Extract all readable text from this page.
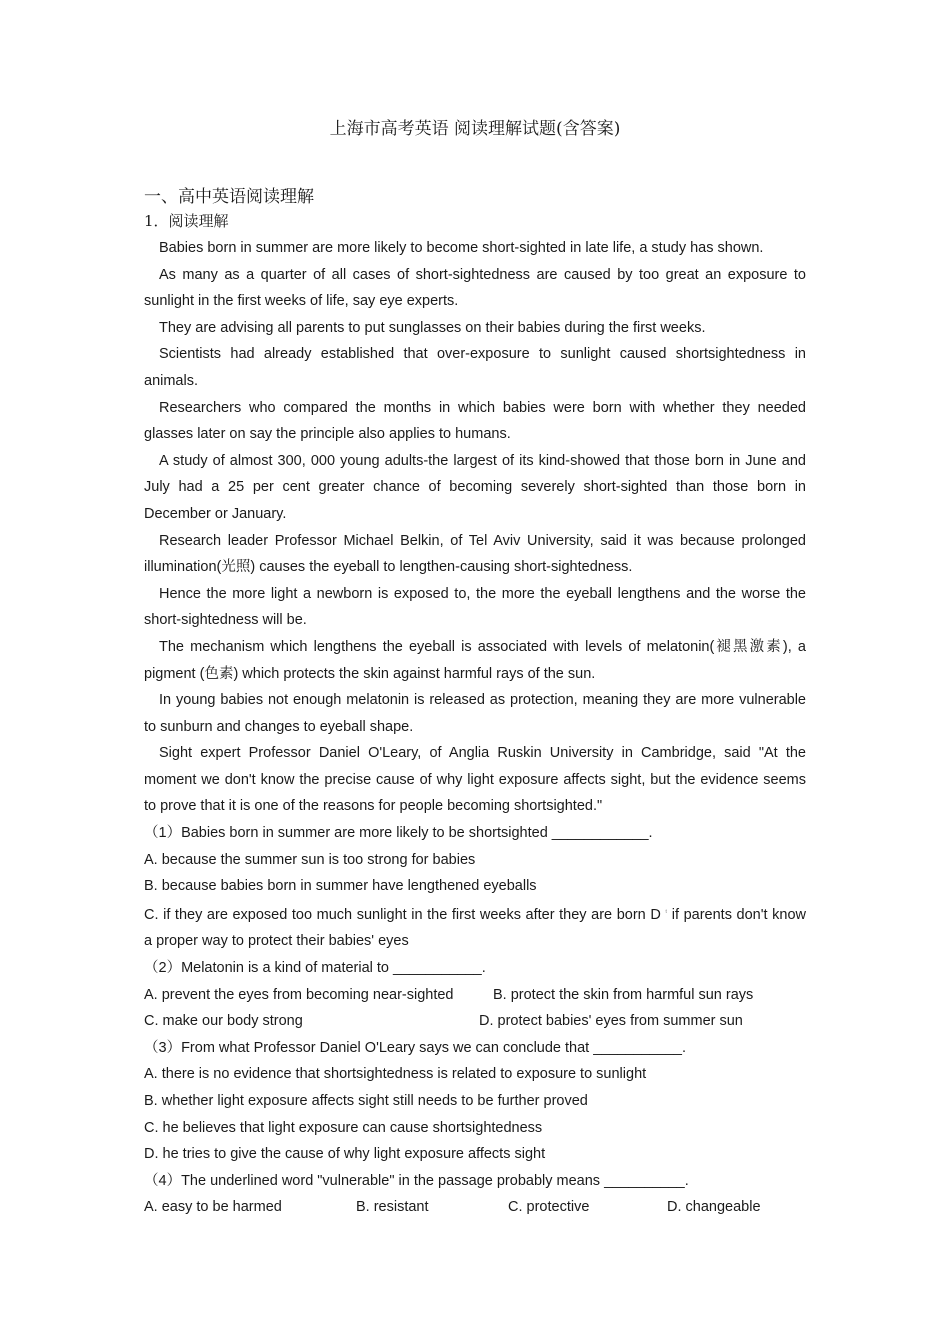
上海市高考英语 阅读理解试题(含答案)
一、高中英语阅读理解
1．阅读理解

Babies born in summer are more likely to become short-sighted in late life, a study has shown.

As many as a quarter of all cases of short-sightedness are caused by too great an exposure to sunlight in the first weeks of life, say eye experts.

They are advising all parents to put sunglasses on their babies during the first weeks.

Scientists had already established that over-exposure to sunlight caused shortsightedness in animals.

Researchers who compared the months in which babies were born with whether they needed glasses later on say the principle also applies to humans.

A study of almost 300, 000 young adults-the largest of its kind-showed that those born in June and July had a 25 per cent greater chance of becoming severely short-sighted than those born in December or January.

Research leader Professor Michael Belkin, of Tel Aviv University, said it was because prolonged illumination(光照) causes the eyeball to lengthen-causing short-sightedness.

Hence the more light a newborn is exposed to, the more the eyeball lengthens and the worse the short-sightedness will be.

The mechanism which lengthens the eyeball is associated with levels of melatonin(褪黑激素), a pigment (色素) which protects the skin against harmful rays of the sun.

In young babies not enough melatonin is released as protection, meaning they are more vulnerable to sunburn and changes to eyeball shape.

Sight expert Professor Daniel O'Leary, of Anglia Ruskin University in Cambridge, said "At the moment we don't know the precise cause of why light exposure affects sight, but the evidence seems to prove that it is one of the reasons for people becoming shortsighted."

（1）Babies born in summer are more likely to be shortsighted ____________.

A. because the summer sun is too strong for babies

B. because babies born in summer have lengthened eyeballs

C. if they are exposed too much sunlight in the first weeks after they are born D $^ᵗ$ if parents don't know a proper way to protect their babies' eyes

（2）Melatonin is a kind of material to ___________.

A. prevent the eyes from becoming near-sighted	B. protect the skin from harmful sun rays

C. make our body strong	D. protect babies' eyes from summer sun

（3）From what Professor Daniel O'Leary says we can conclude that ___________.

A. there is no evidence that shortsightedness is related to exposure to sunlight

B. whether light exposure affects sight still needs to be further proved

C. he believes that light exposure can cause shortsightedness

D. he tries to give the cause of why light exposure affects sight

（4）The underlined word "vulnerable" in the passage probably means __________.

A. easy to be harmed	B. resistant	C. protective	D. changeable
